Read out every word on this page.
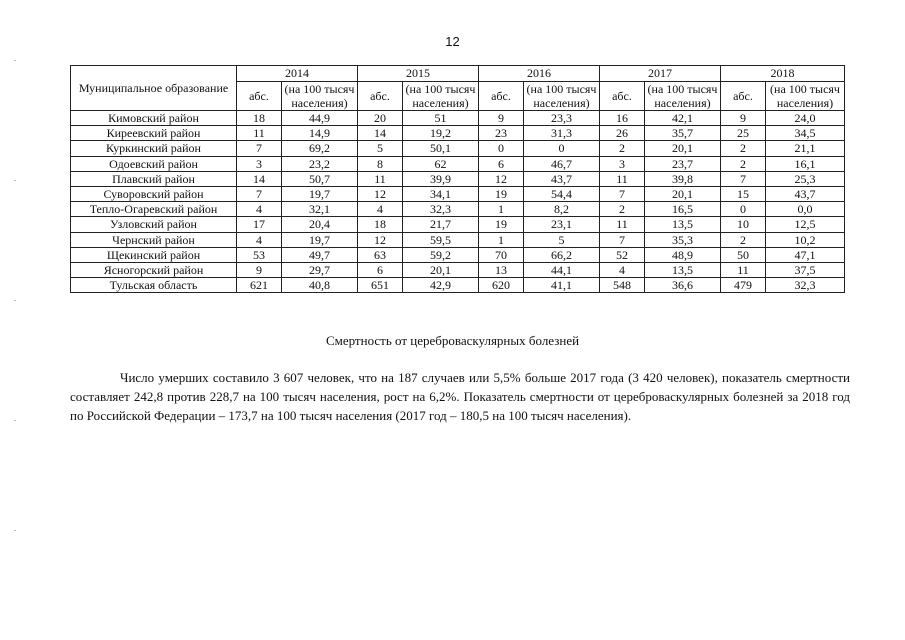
12
Муниципальное образование	2014		2015		2016		2017		2018	
	абс.	(на 100 тысяч населения)	абс.	(на 100 тысяч населения)	абс.	(на 100 тысяч населения)	абс.	(на 100 тысяч населения)	абс.	(на 100 тысяч населения)
Кимовский район	18	44,9	20	51	9	23,3	16	42,1	9	24,0
Киреевский район	11	14,9	14	19,2	23	31,3	26	35,7	25	34,5
Куркинский район	7	69,2	5	50,1	0	0	2	20,1	2	21,1
Одоевский район	3	23,2	8	62	6	46,7	3	23,7	2	16,1
Плавский район	14	50,7	11	39,9	12	43,7	11	39,8	7	25,3
Суворовский район	7	19,7	12	34,1	19	54,4	7	20,1	15	43,7
Тепло-Огаревский район	4	32,1	4	32,3	1	8,2	2	16,5	0	0,0
Узловский район	17	20,4	18	21,7	19	23,1	11	13,5	10	12,5
Чернский район	4	19,7	12	59,5	1	5	7	35,3	2	10,2
Щекинский район	53	49,7	63	59,2	70	66,2	52	48,9	50	47,1
Ясногорский район	9	29,7	6	20,1	13	44,1	4	13,5	11	37,5
Тульская область	621	40,8	651	42,9	620	41,1	548	36,6	479	32,3
Смертность от цереброваскулярных болезней

Число умерших составило 3 607 человек, что на 187 случаев или 5,5% больше 2017 года (3 420 человек), показатель смертности составляет 242,8 против 228,7 на 100 тысяч населения, рост на 6,2%. Показатель смертности от цереброваскулярных болезней за 2018 год по Российской Федерации – 173,7 на 100 тысяч населения (2017 год – 180,5 на 100 тысяч населения).
